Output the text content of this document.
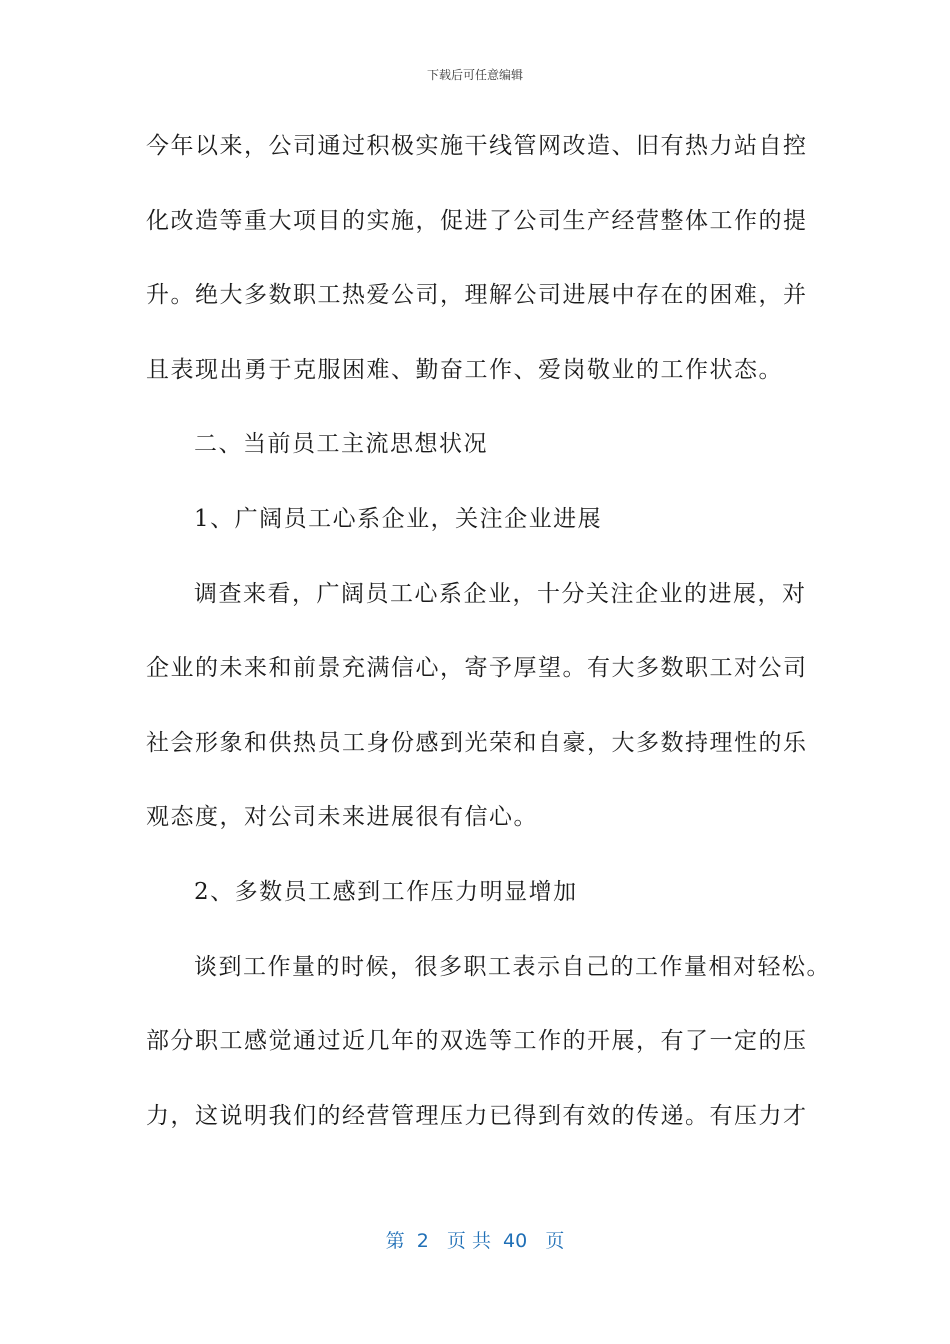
下载后可任意编辑
今年以来，公司通过积极实施干线管网改造、旧有热力站自控
化改造等重大项目的实施，促进了公司生产经营整体工作的提
升。绝大多数职工热爱公司，理解公司进展中存在的困难，并
且表现出勇于克服困难、勤奋工作、爱岗敬业的工作状态。
二、当前员工主流思想状况
1、广阔员工心系企业，关注企业进展
调查来看，广阔员工心系企业，十分关注企业的进展，对
企业的未来和前景充满信心，寄予厚望。有大多数职工对公司
社会形象和供热员工身份感到光荣和自豪，大多数持理性的乐
观态度，对公司未来进展很有信心。
2、多数员工感到工作压力明显增加
谈到工作量的时候，很多职工表示自己的工作量相对轻松。
部分职工感觉通过近几年的双选等工作的开展，有了一定的压
力，这说明我们的经营管理压力已得到有效的传递。有压力才
第  2   页 共  40   页
